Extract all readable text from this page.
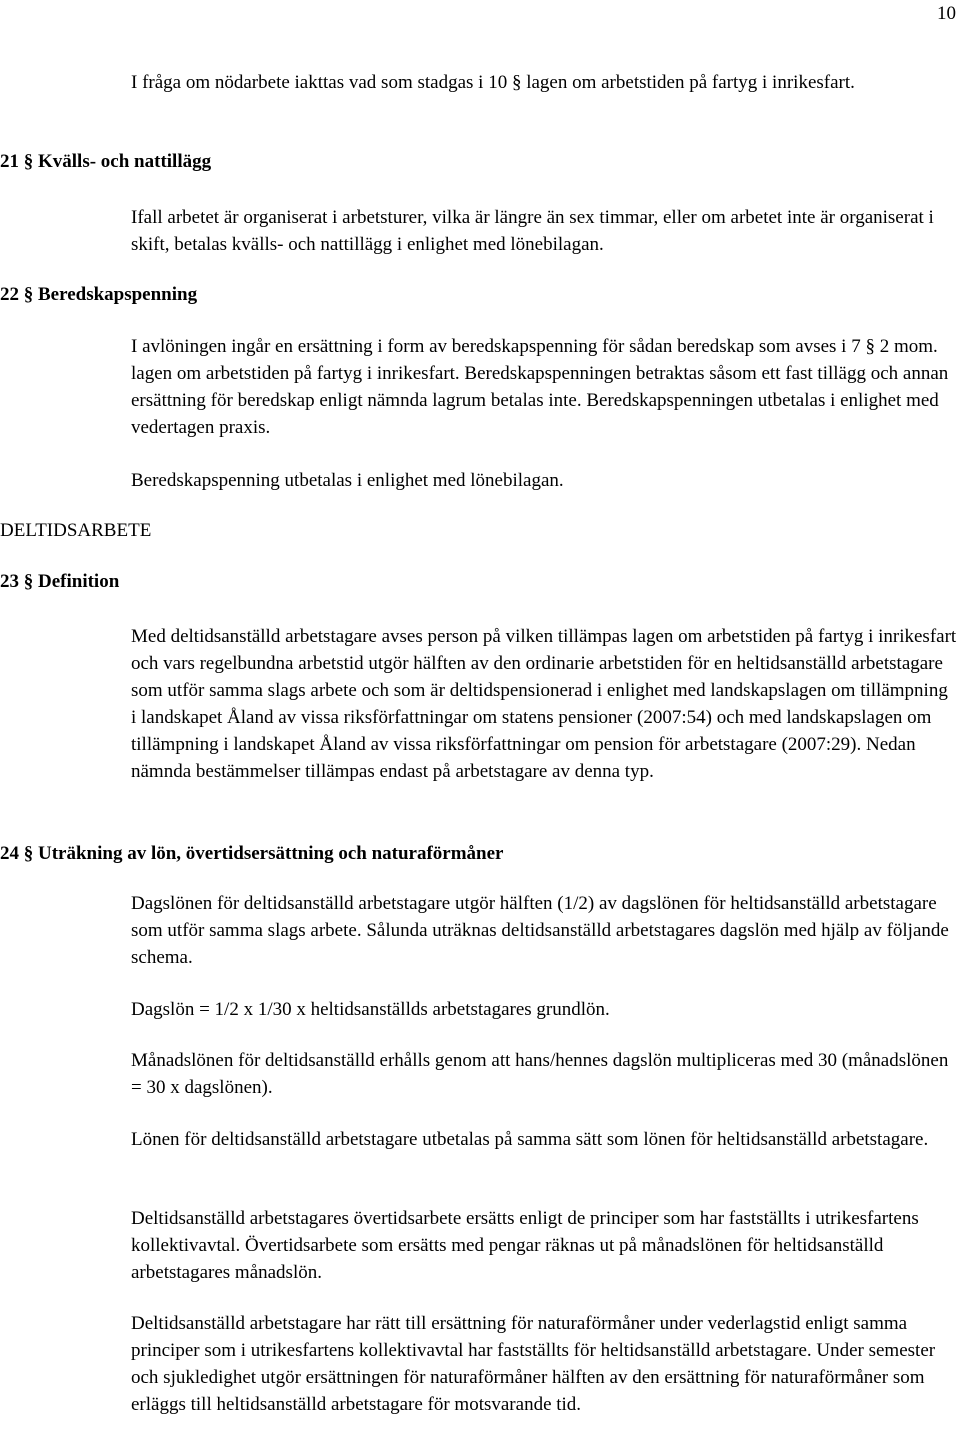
10

I fråga om nödarbete iakttas vad som stadgas i 10 § lagen om arbetstiden på fartyg i inrikesfart.

21 § Kvälls- och nattillägg

Ifall arbetet är organiserat i arbetsturer, vilka är längre än sex timmar, eller om arbetet inte är organiserat i skift, betalas kvälls- och nattillägg i enlighet med lönebilagan.

22 § Beredskapspenning

I avlöningen ingår en ersättning i form av beredskapspenning för sådan beredskap som avses i 7 § 2 mom. lagen om arbetstiden på fartyg i inrikesfart. Beredskapspenningen betraktas såsom ett fast tillägg och annan ersättning för beredskap enligt nämnda lagrum betalas inte. Beredskapspenningen utbetalas i enlighet med vedertagen praxis.

Beredskapspenning utbetalas i enlighet med lönebilagan.

DELTIDSARBETE

23 § Definition

Med deltidsanställd arbetstagare avses person på vilken tillämpas lagen om arbetstiden på fartyg i inrikesfart och vars regelbundna arbetstid utgör hälften av den ordinarie arbetstiden för en heltidsanställd arbetstagare som utför samma slags arbete och som är deltidspensionerad i enlighet med landskapslagen om tillämpning i landskapet Åland av vissa riksförfattningar om statens pensioner (2007:54) och med landskapslagen om tillämpning i landskapet Åland av vissa riksförfattningar om pension för arbetstagare (2007:29). Nedan nämnda bestämmelser tillämpas endast på arbetstagare av denna typ.

24 § Uträkning av lön, övertidsersättning och naturaförmåner

Dagslönen för deltidsanställd arbetstagare utgör hälften (1/2) av dagslönen för heltidsanställd arbetstagare som utför samma slags arbete. Sålunda uträknas deltidsanställd arbetstagares dagslön med hjälp av följande schema.

Dagslön = 1/2 x 1/30 x heltidsanställds arbetstagares grundlön.

Månadslönen för deltidsanställd erhålls genom att hans/hennes dagslön multipliceras med 30 (månadslönen = 30 x dagslönen).

Lönen för deltidsanställd arbetstagare utbetalas på samma sätt som lönen för heltidsanställd arbetstagare.

Deltidsanställd arbetstagares övertidsarbete ersätts enligt de principer som har fastställts i utrikesfartens kollektivavtal. Övertidsarbete som ersätts med pengar räknas ut på månadslönen för heltidsanställd arbetstagares månadslön.

Deltidsanställd arbetstagare har rätt till ersättning för naturaförmåner under vederlagstid enligt samma principer som i utrikesfartens kollektivavtal har fastställts för heltidsanställd arbetstagare. Under semester och sjukledighet utgör ersättningen för naturaförmåner hälften av den ersättning för naturaförmåner som erläggs till heltidsanställd arbetstagare för motsvarande tid.
